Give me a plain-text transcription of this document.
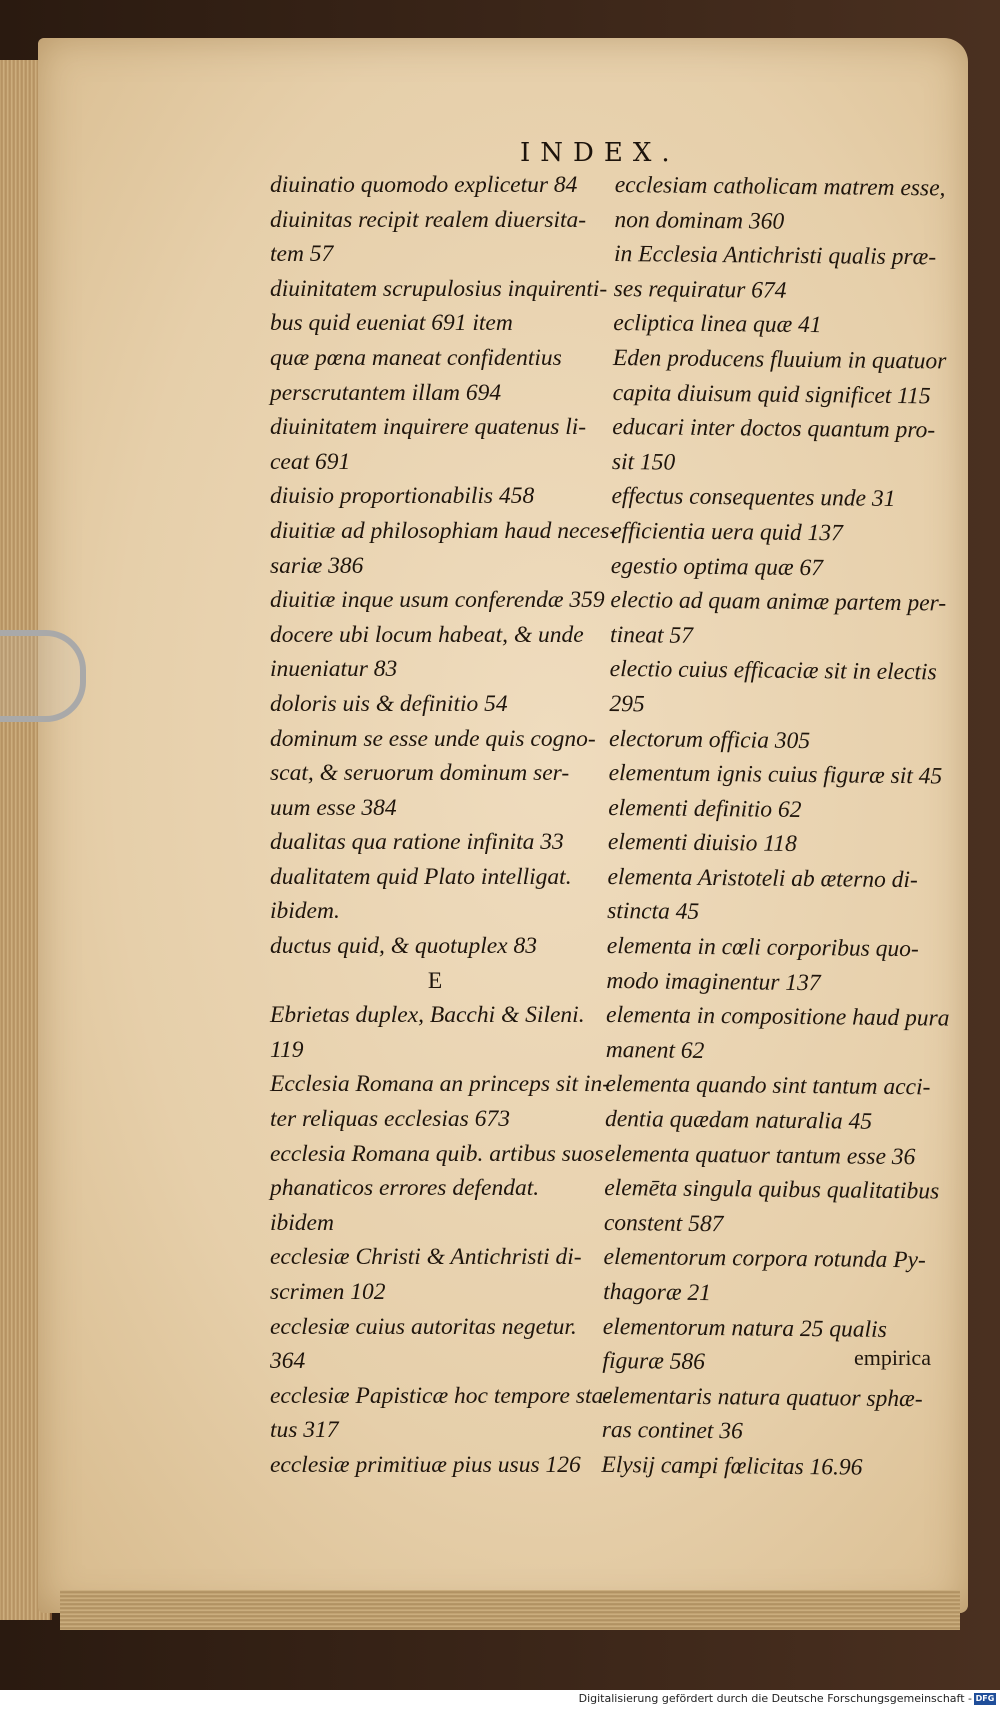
INDEX.
diuinatio quomodo explicetur 84
diuinitas recipit realem diuersita-
tem 57
diuinitatem scrupulosius inquirenti-
bus quid eueniat 691 item
quæ pœna maneat confidentius
perscrutantem illam 694
diuinitatem inquirere quatenus li-
ceat 691
diuisio proportionabilis 458
diuitiæ ad philosophiam haud neces-
sariæ 386
diuitiæ inque usum conferendæ 359
docere ubi locum habeat, & unde
inueniatur 83
doloris uis & definitio 54
dominum se esse unde quis cogno-
scat, & seruorum dominum ser-
uum esse 384
dualitas qua ratione infinita 33
dualitatem quid Plato intelligat.
ibidem.
ductus quid, & quotuplex 83
E
Ebrietas duplex, Bacchi & Sileni.
119
Ecclesia Romana an princeps sit in-
ter reliquas ecclesias 673
ecclesia Romana quib. artibus suos
phanaticos errores defendat.
ibidem
ecclesiæ Christi & Antichristi di-
scrimen 102
ecclesiæ cuius autoritas negetur.
364
ecclesiæ Papisticæ hoc tempore sta-
tus 317
ecclesiæ primitiuæ pius usus 126
ecclesiam catholicam matrem esse,
non dominam 360
in Ecclesia Antichristi qualis præ-
ses requiratur 674
ecliptica linea quæ 41
Eden producens fluuium in quatuor
capita diuisum quid significet 115
educari inter doctos quantum pro-
sit 150
effectus consequentes unde 31
efficientia uera quid 137
egestio optima quæ 67
electio ad quam animæ partem per-
tineat 57
electio cuius efficaciæ sit in electis
295
electorum officia 305
elementum ignis cuius figuræ sit 45
elementi definitio 62
elementi diuisio 118
elementa Aristoteli ab æterno di-
stincta 45
elementa in cœli corporibus quo-
modo imaginentur 137
elementa in compositione haud pura
manent 62
elementa quando sint tantum acci-
dentia quædam naturalia 45
elementa quatuor tantum esse 36
elemēta singula quibus qualitatibus
constent 587
elementorum corpora rotunda Py-
thagoræ 21
elementorum natura 25 qualis
figuræ 586
elementaris natura quatuor sphæ-
ras continet 36
Elysij campi fœlicitas 16.96
empirica
Digitalisierung gefördert durch die Deutsche Forschungsgemeinschaft - DFG
